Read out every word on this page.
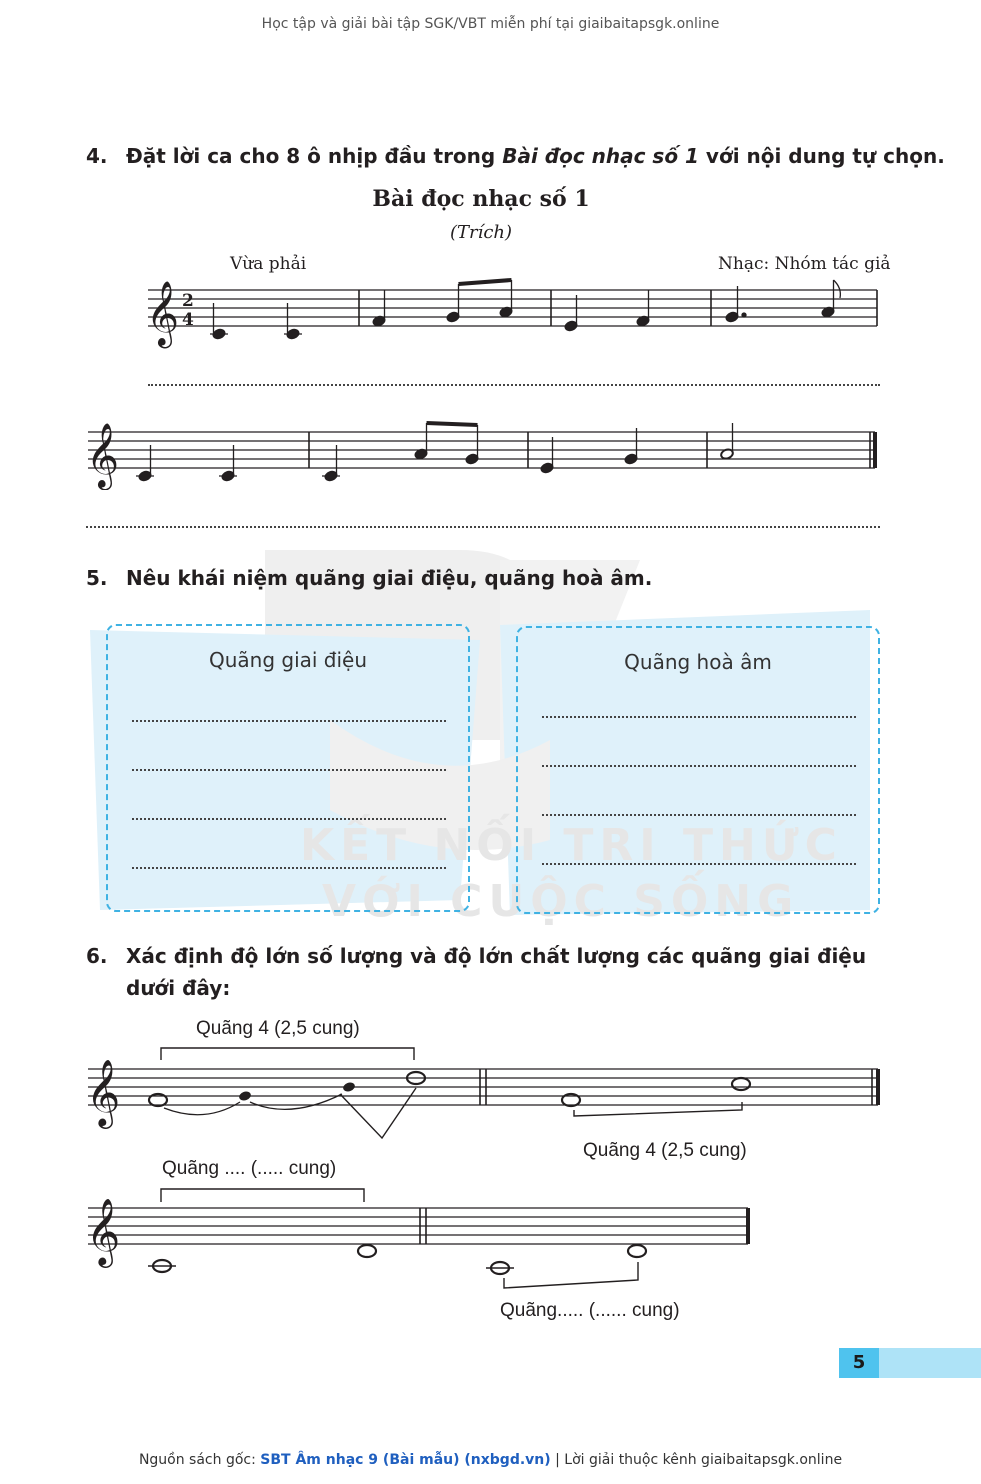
Học tập và giải bài tập SGK/VBT miễn phí tại giaibaitapsgk.online
KẾT NỐI TRI THỨC
VỚI CUỘC SỐNG
4. Đặt lời ca cho 8 ô nhịp đầu trong Bài đọc nhạc số 1 với nội dung tự chọn.
Bài đọc nhạc số 1
(Trích)
Vừa phải	Nhạc: Nhóm tác giả
𝄞 2
4
𝄞
5. Nêu khái niệm quãng giai điệu, quãng hoà âm.
Quãng giai điệu	Quãng hoà âm
6. Xác định độ lớn số lượng và độ lớn chất lượng các quãng giai điệu
dưới đây:
Quãng 4 (2,5 cung)
𝄞
Quãng 4 (2,5 cung)
Quãng .... (..... cung)
𝄞
Quãng..... (...... cung)
5
Nguồn sách gốc: SBT Âm nhạc 9 (Bài mẫu) (nxbgd.vn) | Lời giải thuộc kênh giaibaitapsgk.online
